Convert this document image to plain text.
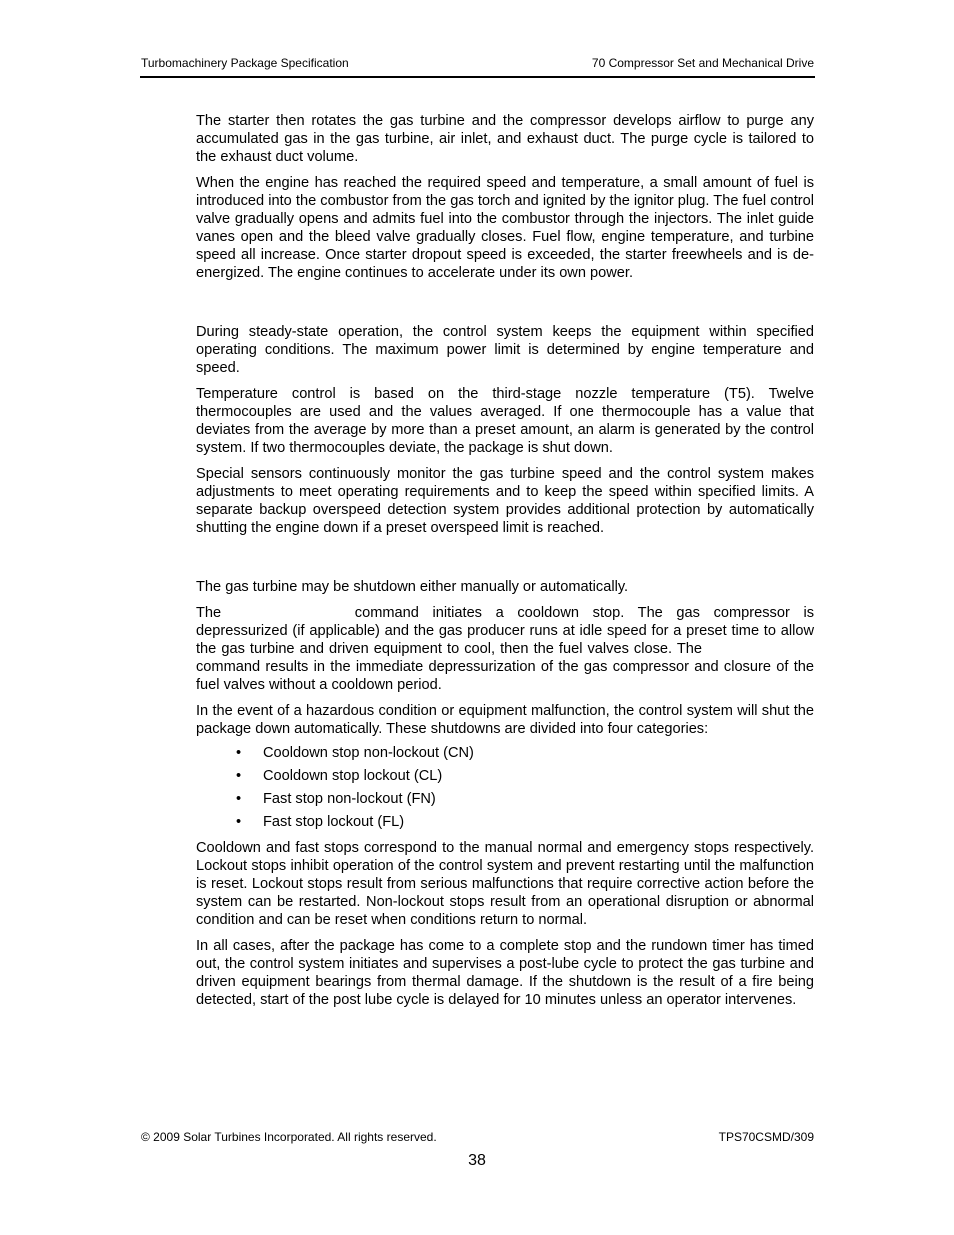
Turbomachinery Package Specification	70 Compressor Set and Mechanical Drive

The starter then rotates the gas turbine and the compressor develops airflow to purge any accumulated gas in the gas turbine, air inlet, and exhaust duct. The purge cycle is tailored to the exhaust duct volume.

When the engine has reached the required speed and temperature, a small amount of fuel is introduced into the combustor from the gas torch and ignited by the ignitor plug. The fuel control valve gradually opens and admits fuel into the combustor through the injectors. The inlet guide vanes open and the bleed valve gradually closes. Fuel flow, engine temperature, and turbine speed all increase. Once starter dropout speed is exceeded, the starter freewheels and is de-energized. The engine continues to accelerate under its own power.

During steady-state operation, the control system keeps the equipment within specified operating conditions. The maximum power limit is determined by engine temperature and speed.

Temperature control is based on the third-stage nozzle temperature (T5). Twelve thermocouples are used and the values averaged. If one thermocouple has a value that deviates from the average by more than a preset amount, an alarm is generated by the control system. If two thermocouples deviate, the package is shut down.

Special sensors continuously monitor the gas turbine speed and the control system makes adjustments to meet operating requirements and to keep the speed within specified limits. A separate backup overspeed detection system provides additional protection by automatically shutting the engine down if a preset overspeed limit is reached.

The gas turbine may be shutdown either manually or automatically.

The	command initiates a cooldown stop. The gas compressor is depressurized (if applicable) and the gas producer runs at idle speed for a preset time to allow the gas turbine and driven equipment to cool, then the fuel valves close. Thecommand results in the immediate depressurization of the gas compressor and closure of the fuel valves without a cooldown period.

In the event of a hazardous condition or equipment malfunction, the control system will shut the package down automatically. These shutdowns are divided into four categories:

• Cooldown stop non-lockout (CN)
• Cooldown stop lockout (CL)
• Fast stop non-lockout (FN)
• Fast stop lockout (FL)

Cooldown and fast stops correspond to the manual normal and emergency stops respectively. Lockout stops inhibit operation of the control system and prevent restarting until the malfunction is reset. Lockout stops result from serious malfunctions that require corrective action before the system can be restarted. Non-lockout stops result from an operational disruption or abnormal condition and can be reset when conditions return to normal.

In all cases, after the package has come to a complete stop and the rundown timer has timed out, the control system initiates and supervises a post-lube cycle to protect the gas turbine and driven equipment bearings from thermal damage. If the shutdown is the result of a fire being detected, start of the post lube cycle is delayed for 10 minutes unless an operator intervenes.

© 2009 Solar Turbines Incorporated. All rights reserved.	TPS70CSMD/309
38
